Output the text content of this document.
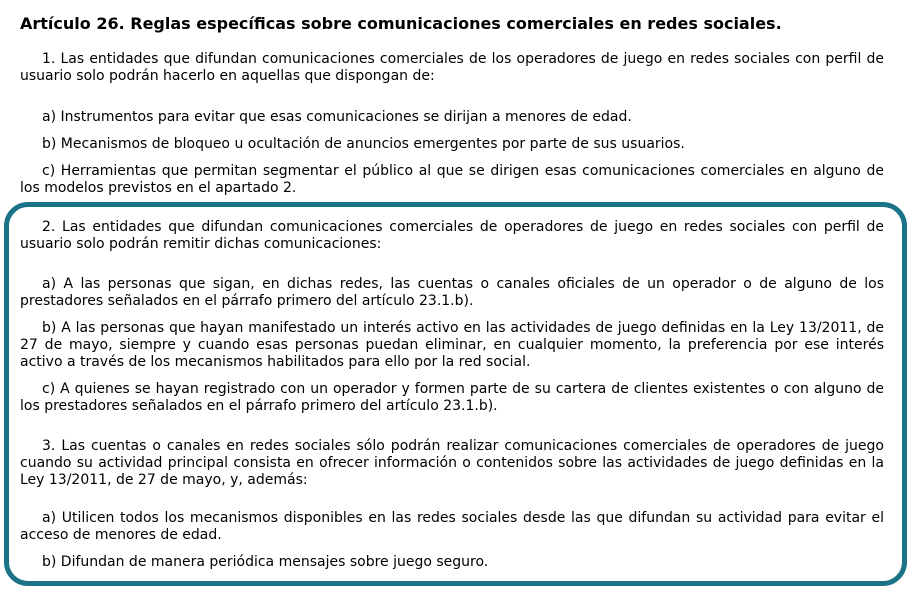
Artículo 26. Reglas específicas sobre comunicaciones comerciales en redes sociales.

1. Las entidades que difundan comunicaciones comerciales de los operadores de juego en redes sociales con perfil de usuario solo podrán hacerlo en aquellas que dispongan de:

a) Instrumentos para evitar que esas comunicaciones se dirijan a menores de edad.

b) Mecanismos de bloqueo u ocultación de anuncios emergentes por parte de sus usuarios.

c) Herramientas que permitan segmentar el público al que se dirigen esas comunicaciones comerciales en alguno de los modelos previstos en el apartado 2.

2. Las entidades que difundan comunicaciones comerciales de operadores de juego en redes sociales con perfil de usuario solo podrán remitir dichas comunicaciones:

a) A las personas que sigan, en dichas redes, las cuentas o canales oficiales de un operador o de alguno de los prestadores señalados en el párrafo primero del artículo 23.1.b).

b) A las personas que hayan manifestado un interés activo en las actividades de juego definidas en la Ley 13/2011, de 27 de mayo, siempre y cuando esas personas puedan eliminar, en cualquier momento, la preferencia por ese interés activo a través de los mecanismos habilitados para ello por la red social.

c) A quienes se hayan registrado con un operador y formen parte de su cartera de clientes existentes o con alguno de los prestadores señalados en el párrafo primero del artículo 23.1.b).

3. Las cuentas o canales en redes sociales sólo podrán realizar comunicaciones comerciales de operadores de juego cuando su actividad principal consista en ofrecer información o contenidos sobre las actividades de juego definidas en la Ley 13/2011, de 27 de mayo, y, además:

a) Utilicen todos los mecanismos disponibles en las redes sociales desde las que difundan su actividad para evitar el acceso de menores de edad.

b) Difundan de manera periódica mensajes sobre juego seguro.
